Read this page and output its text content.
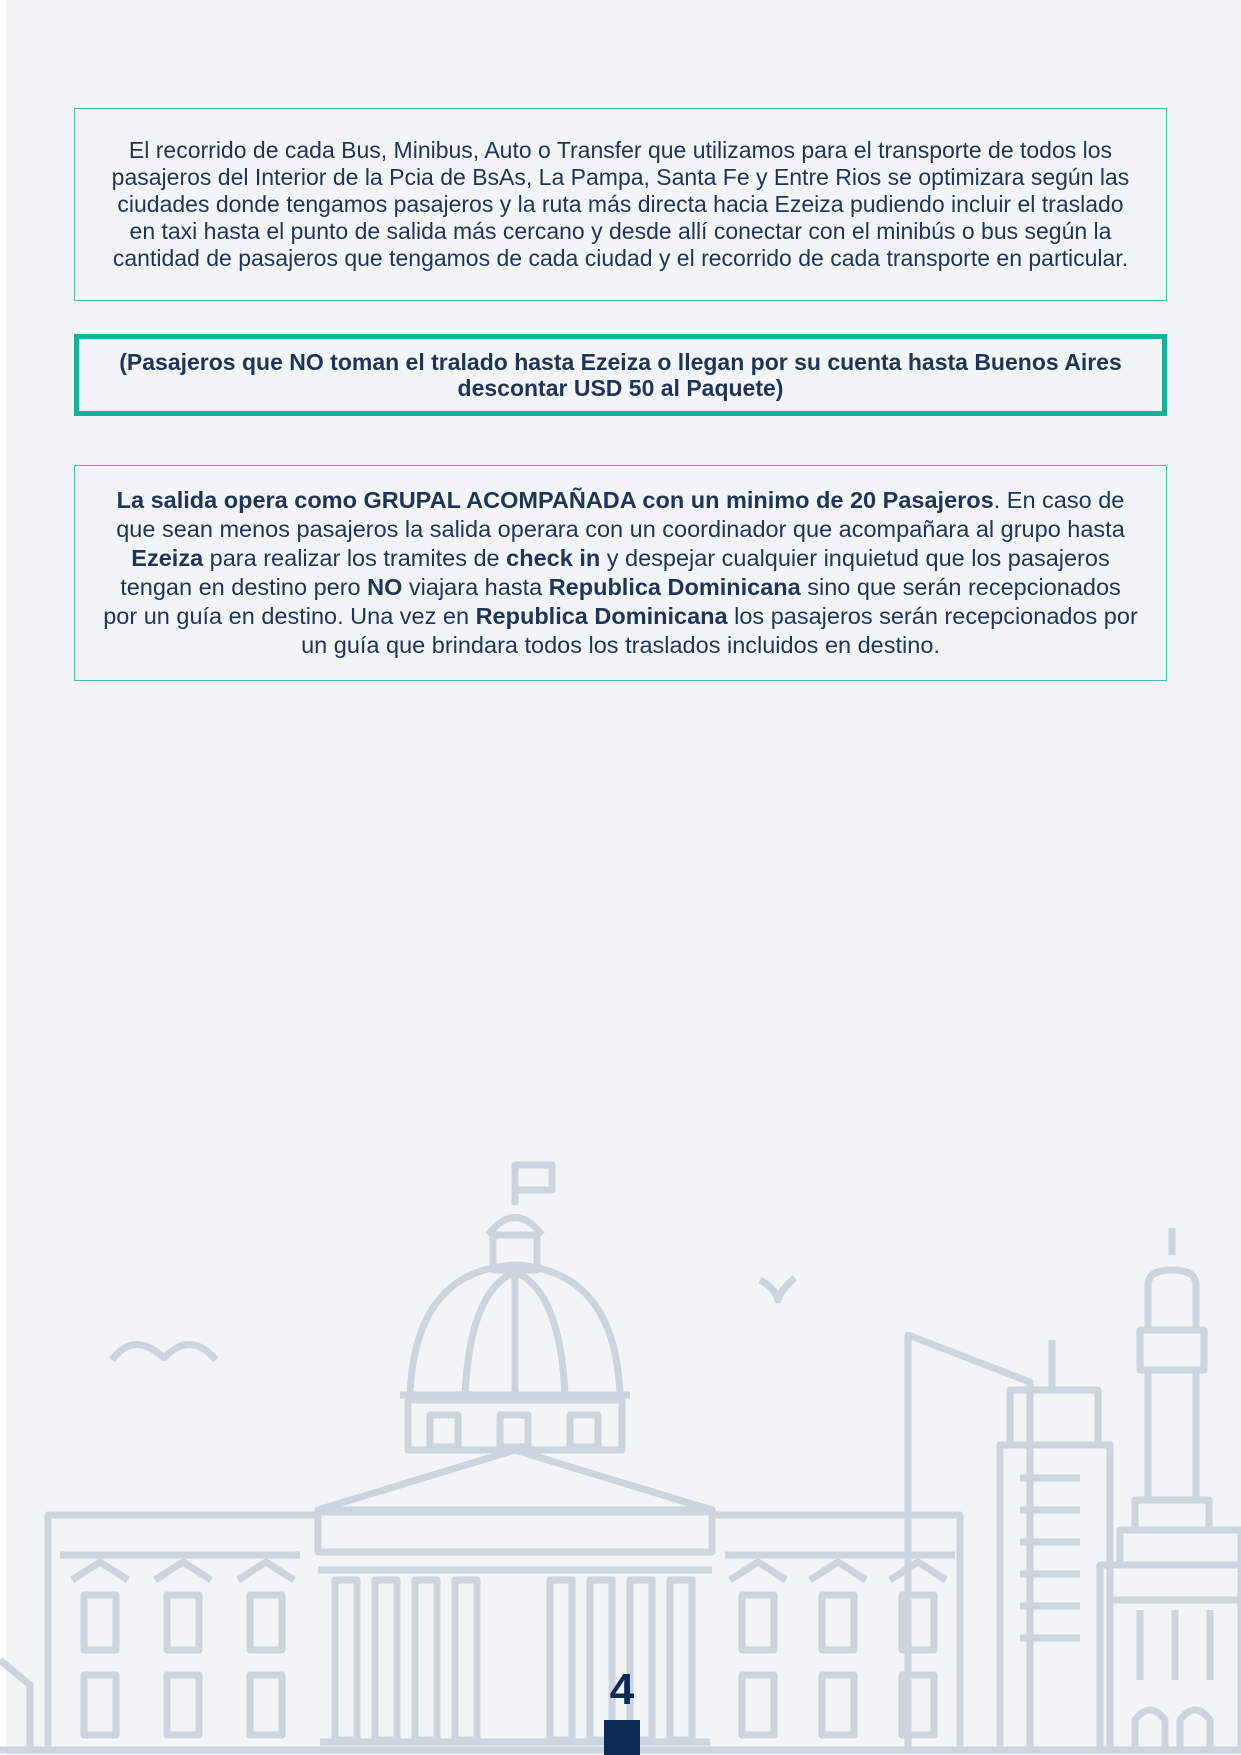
El recorrido de cada Bus, Minibus, Auto o Transfer que utilizamos para el transporte de todos los pasajeros del Interior de la Pcia de BsAs, La Pampa, Santa Fe y Entre Rios se optimizara según las ciudades donde tengamos pasajeros y la ruta más directa hacia Ezeiza pudiendo incluir el traslado en taxi hasta el punto de salida más cercano y desde allí conectar con el minibús o bus según la cantidad de pasajeros que tengamos de cada ciudad y el recorrido de cada transporte en particular.

(Pasajeros que NO toman el tralado hasta Ezeiza o llegan por su cuenta hasta Buenos Aires descontar USD 50 al Paquete)

La salida opera como GRUPAL ACOMPAÑADA con un minimo de 20 Pasajeros. En caso de que sean menos pasajeros la salida operara con un coordinador que acompañara al grupo hasta Ezeiza para realizar los tramites de check in y despejar cualquier inquietud que los pasajeros tengan en destino pero NO viajara hasta Republica Dominicana sino que serán recepcionados por un guía en destino. Una vez en Republica Dominicana los pasajeros serán recepcionados por un guía que brindara todos los traslados incluidos en destino.

4
